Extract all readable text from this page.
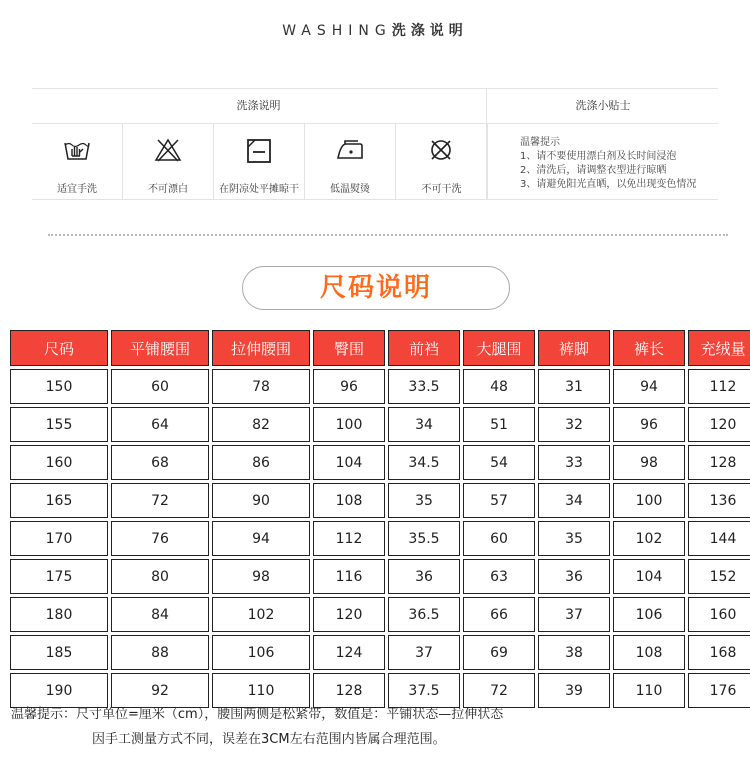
WASHING洗涤说明
洗涤说明	洗涤小贴士
适宜手洗	不可漂白	在阴凉处平摊晾干	低温熨烫	不可干洗
温馨提示
1、请不要使用漂白剂及长时间浸泡
2、清洗后，请调整衣型进行晾晒
3、请避免阳光直晒，以免出现变色情况
尺码说明
尺码	平铺腰围	拉伸腰围	臀围	前裆	大腿围	裤脚	裤长	充绒量
150	60	78	96	33.5	48	31	94	112
155	64	82	100	34	51	32	96	120
160	68	86	104	34.5	54	33	98	128
165	72	90	108	35	57	34	100	136
170	76	94	112	35.5	60	35	102	144
175	80	98	116	36	63	36	104	152
180	84	102	120	36.5	66	37	106	160
185	88	106	124	37	69	38	108	168
190	92	110	128	37.5	72	39	110	176
温馨提示：尺寸单位=厘米（cm），腰围两侧是松紧带，数值是：平铺状态—拉伸状态
因手工测量方式不同，误差在3CM左右范围内皆属合理范围。
